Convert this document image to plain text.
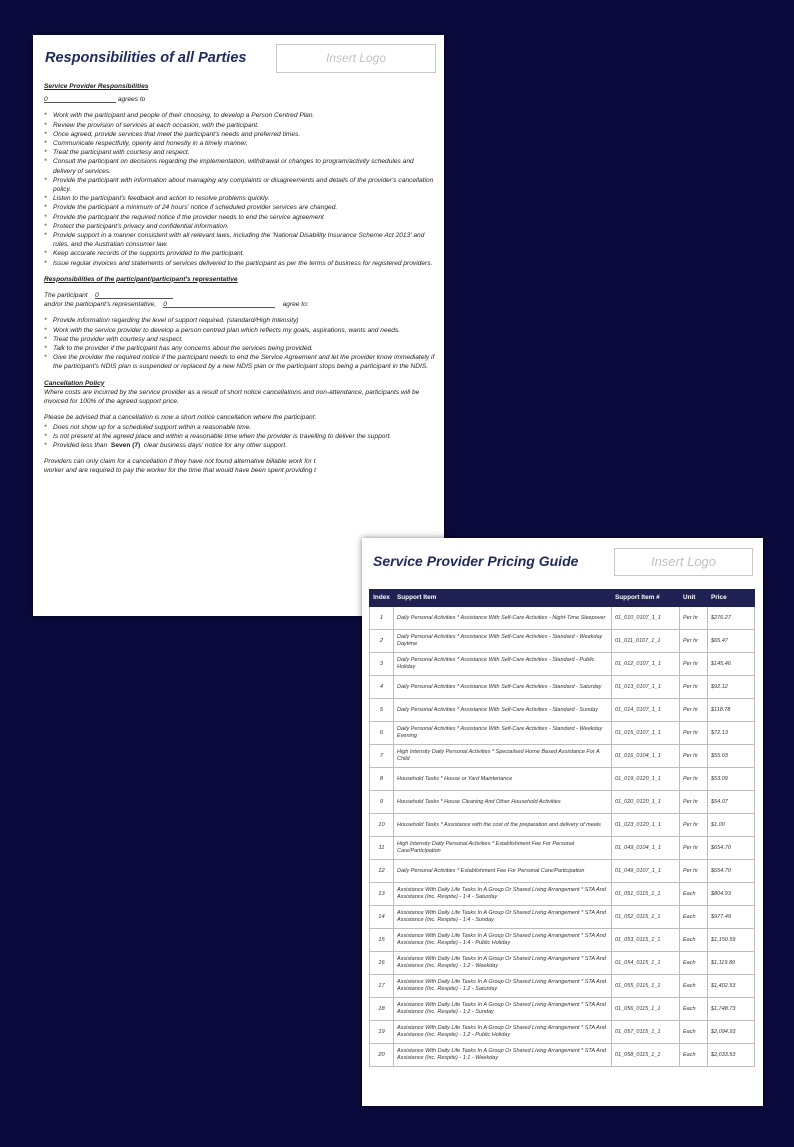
Responsibilities of all Parties	Insert Logo

Service Provider Responsibilities

0	agrees to

* Work with the participant and people of their choosing, to develop a Person Centred Plan.
* Review the provision of services at each occasion, with the participant.
* Once agreed, provide services that meet the participant's needs and preferred times.
* Communicate respectfully, openly and honestly in a timely manner.
* Treat the participant with courtesy and respect.
* Consult the participant on decisions regarding the implementation, withdrawal or changes to program/activity schedules and delivery of services.
* Provide the participant with information about managing any complaints or disagreements and details of the provider's cancellation policy.
* Listen to the participant's feedback and action to resolve problems quickly.
* Provide the participant a minimum of 24 hours' notice if scheduled provider services are changed.
* Provide the participant the required notice if the provider needs to end the service agreement
* Protect the participant's privacy and confidential information.
* Provide support in a manner consistent with all relevant laws, including the 'National Disability Insurance Scheme Act 2013' and rules, and the Australian consumer law.
* Keep accurate records of the supports provided to the participant.
* Issue regular invoices and statements of services delivered to the participant as per the terms of business for registered providers.

Responsibilities of the participant/participant's representative

The participant 0

and/or the participant's representative, 0	agree to:

* Provide information regarding the level of support required. (standard/High Intensity)
* Work with the service provider to develop a person centred plan which reflects my goals, aspirations, wants and needs.
* Treat the provider with courtesy and respect.
* Talk to the provider if the participant has any concerns about the services being provided.
* Give the provider the required notice if the participant needs to end the Service Agreement and let the provider know immediately if the participant's NDIS plan is suspended or replaced by a new NDIS plan or the participant stops being a participant in the NDIS.

Cancellation Policy

Where costs are incurred by the service provider as a result of short notice cancellations and non-attendance, participants will be invoiced for 100% of the agreed support price.

Please be advised that a cancellation is now a short notice cancellation where the participant:

* Does not show up for a scheduled support within a reasonable time.
* Is not present at the agreed place and within a reasonable time when the provider is travelling to deliver the support.
* Provided less than Seven (7) clear business days' notice for any other support.

Providers can only claim for a cancellation if they have not found alternative billable work for t

worker and are required to pay the worker for the time that would have been spent providing t

Service Provider Pricing Guide	Insert Logo
Index	Support Item	Support Item #	Unit	Price
1	Daily Personal Activities * Assistance With Self-Care Activities - Night-Time Sleepover	01_010_0107_1_1	Per hr	$276.27
2	Daily Personal Activities * Assistance With Self-Care Activities - Standard - Weekday Daytime	01_011_0107_1_1	Per hr	$65.47
3	Daily Personal Activities * Assistance With Self-Care Activities - Standard - Public Holiday	01_012_0107_1_1	Per hr	$145.46
4	Daily Personal Activities * Assistance With Self-Care Activities - Standard - Saturday	01_013_0107_1_1	Per hr	$92.12
5	Daily Personal Activities * Assistance With Self-Care Activities - Standard - Sunday	01_014_0107_1_1	Per hr	$118.78
6	Daily Personal Activities * Assistance With Self-Care Activities - Standard - Weekday Evening	01_015_0107_1_1	Per hr	$72.13
7	High Intensity Daily Personal Activities * Specialised Home Based Assistance For A Child	01_016_0104_1_1	Per hr	$55.03
8	Household Tasks * House or Yard Maintenance	01_019_0120_1_1	Per hr	$53.09
9	Household Tasks * House Cleaning And Other Household Activities	01_020_0120_1_1	Per hr	$54.07
10	Household Tasks * Assistance with the cost of the preparation and delivery of meals	01_023_0120_1_1	Per hr	$1.00
11	High Intensity Daily Personal Activities * Establishment Fee For Personal Care/Participation	01_049_0104_1_1	Per hr	$654.70
12	Daily Personal Activities * Establishment Fee For Personal Care/Participation	01_049_0107_1_1	Per hr	$654.70
13	Assistance With Daily Life Tasks In A Group Or Shared Living Arrangement * STA And Assistance (Inc. Respite) - 1:4 - Saturday	01_051_0115_1_1	Each	$804.93
14	Assistance With Daily Life Tasks In A Group Or Shared Living Arrangement * STA And Assistance (Inc. Respite) - 1:4 - Sunday	01_052_0115_1_1	Each	$977.49
15	Assistance With Daily Life Tasks In A Group Or Shared Living Arrangement * STA And Assistance (Inc. Respite) - 1:4 - Public Holiday	01_053_0115_1_1	Each	$1,150.59
16	Assistance With Daily Life Tasks In A Group Or Shared Living Arrangement * STA And Assistance (Inc. Respite) - 1:2 - Weekday	01_054_0115_1_1	Each	$1,119.89
17	Assistance With Daily Life Tasks In A Group Or Shared Living Arrangement * STA And Assistance (Inc. Respite) - 1:2 - Saturday	01_055_0115_1_1	Each	$1,402.53
18	Assistance With Daily Life Tasks In A Group Or Shared Living Arrangement * STA And Assistance (Inc. Respite) - 1:2 - Sunday	01_056_0115_1_1	Each	$1,748.73
19	Assistance With Daily Life Tasks In A Group Or Shared Living Arrangement * STA And Assistance (Inc. Respite) - 1:2 - Public Holiday	01_057_0115_1_1	Each	$2,094.93
20	Assistance With Daily Life Tasks In A Group Or Shared Living Arrangement * STA And Assistance (Inc. Respite) - 1:1 - Weekday	01_058_0115_1_1	Each	$2,033.53
